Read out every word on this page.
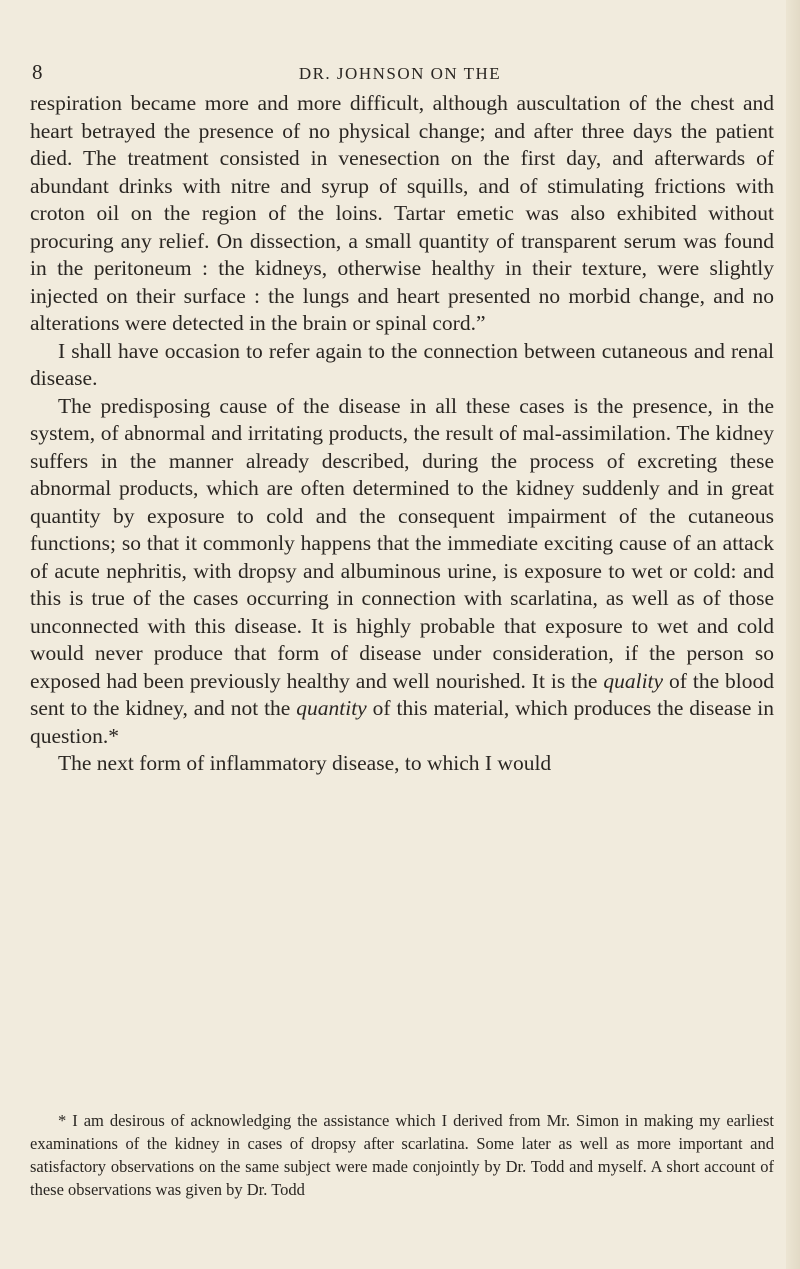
8	DR. JOHNSON ON THE

respiration became more and more difficult, although auscultation of the chest and heart betrayed the presence of no physical change; and after three days the patient died. The treatment consisted in venesection on the first day, and afterwards of abundant drinks with nitre and syrup of squills, and of stimulating frictions with croton oil on the region of the loins. Tartar emetic was also exhibited without procuring any relief. On dissection, a small quantity of transparent serum was found in the peritoneum : the kidneys, otherwise healthy in their texture, were slightly injected on their surface : the lungs and heart presented no morbid change, and no alterations were detected in the brain or spinal cord.”

I shall have occasion to refer again to the connection between cutaneous and renal disease.

The predisposing cause of the disease in all these cases is the presence, in the system, of abnormal and irritating products, the result of mal-assimilation. The kidney suffers in the manner already described, during the process of excreting these abnormal products, which are often determined to the kidney suddenly and in great quantity by exposure to cold and the consequent impairment of the cutaneous functions; so that it commonly happens that the immediate exciting cause of an attack of acute nephritis, with dropsy and albuminous urine, is exposure to wet or cold: and this is true of the cases occurring in connection with scarlatina, as well as of those unconnected with this disease. It is highly probable that exposure to wet and cold would never produce that form of disease under consideration, if the person so exposed had been previously healthy and well nourished. It is the quality of the blood sent to the kidney, and not the quantity of this material, which produces the disease in question.*

The next form of inflammatory disease, to which I would

* I am desirous of acknowledging the assistance which I derived from Mr. Simon in making my earliest examinations of the kidney in cases of dropsy after scarlatina. Some later as well as more important and satisfactory observations on the same subject were made conjointly by Dr. Todd and myself. A short account of these observations was given by Dr. Todd
